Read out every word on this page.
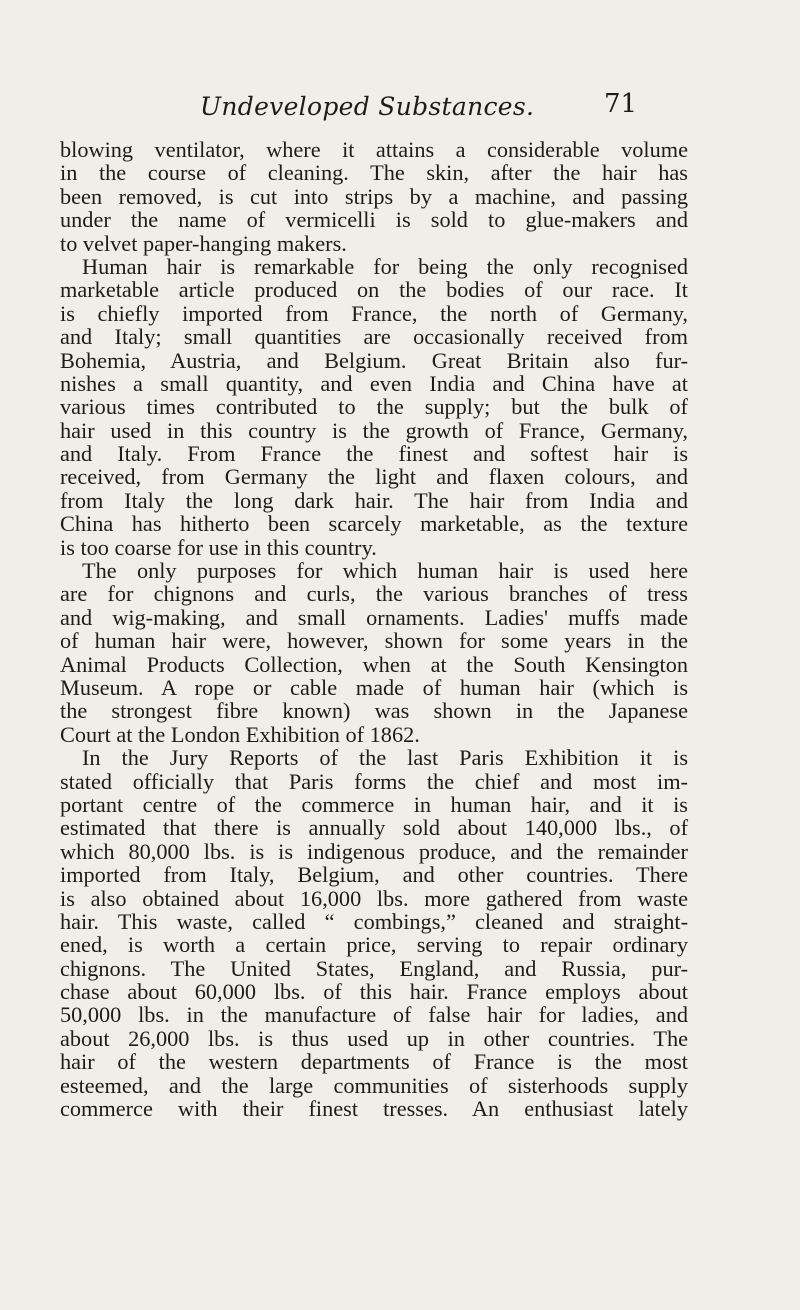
Undeveloped Substances.	71

blowing ventilator, where it attains a considerable volume
in the course of cleaning. The skin, after the hair has
been removed, is cut into strips by a machine, and passing
under the name of vermicelli is sold to glue-makers and
to velvet paper-hanging makers.

Human hair is remarkable for being the only recognised
marketable article produced on the bodies of our race. It
is chiefly imported from France, the north of Germany,
and Italy; small quantities are occasionally received from
Bohemia, Austria, and Belgium. Great Britain also fur-
nishes a small quantity, and even India and China have at
various times contributed to the supply; but the bulk of
hair used in this country is the growth of France, Germany,
and Italy. From France the finest and softest hair is
received, from Germany the light and flaxen colours, and
from Italy the long dark hair. The hair from India and
China has hitherto been scarcely marketable, as the texture
is too coarse for use in this country.

The only purposes for which human hair is used here
are for chignons and curls, the various branches of tress
and wig-making, and small ornaments. Ladies' muffs made
of human hair were, however, shown for some years in the
Animal Products Collection, when at the South Kensington
Museum. A rope or cable made of human hair (which is
the strongest fibre known) was shown in the Japanese
Court at the London Exhibition of 1862.

In the Jury Reports of the last Paris Exhibition it is
stated officially that Paris forms the chief and most im-
portant centre of the commerce in human hair, and it is
estimated that there is annually sold about 140,000 lbs., of
which 80,000 lbs. is is indigenous produce, and the remainder
imported from Italy, Belgium, and other countries. There
is also obtained about 16,000 lbs. more gathered from waste
hair. This waste, called “ combings,” cleaned and straight-
ened, is worth a certain price, serving to repair ordinary
chignons. The United States, England, and Russia, pur-
chase about 60,000 lbs. of this hair. France employs about
50,000 lbs. in the manufacture of false hair for ladies, and
about 26,000 lbs. is thus used up in other countries. The
hair of the western departments of France is the most
esteemed, and the large communities of sisterhoods supply
commerce with their finest tresses. An enthusiast lately
